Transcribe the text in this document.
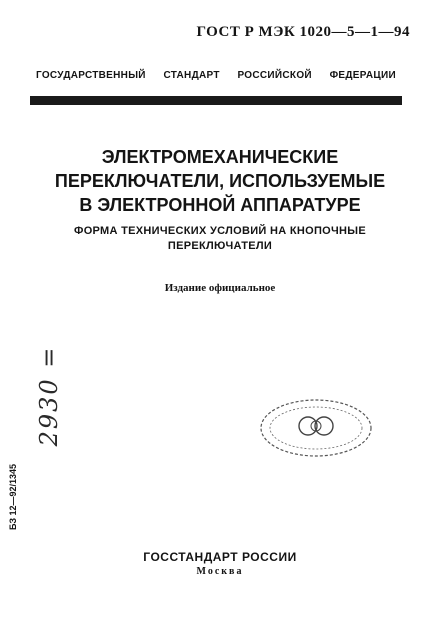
ГОСТ Р МЭК 1020—5—1—94
ГОСУДАРСТВЕННЫЙ СТАНДАРТ РОССИЙСКОЙ ФЕДЕРАЦИИ
ЭЛЕКТРОМЕХАНИЧЕСКИЕ
ПЕРЕКЛЮЧАТЕЛИ, ИСПОЛЬЗУЕМЫЕ
В ЭЛЕКТРОННОЙ АППАРАТУРЕ
ФОРМА ТЕХНИЧЕСКИХ УСЛОВИЙ НА КНОПОЧНЫЕ
ПЕРЕКЛЮЧАТЕЛИ
Издание официальное
2930 =
БЗ 12—92/1345
ГОССТАНДАРТ РОССИИ
Москва
